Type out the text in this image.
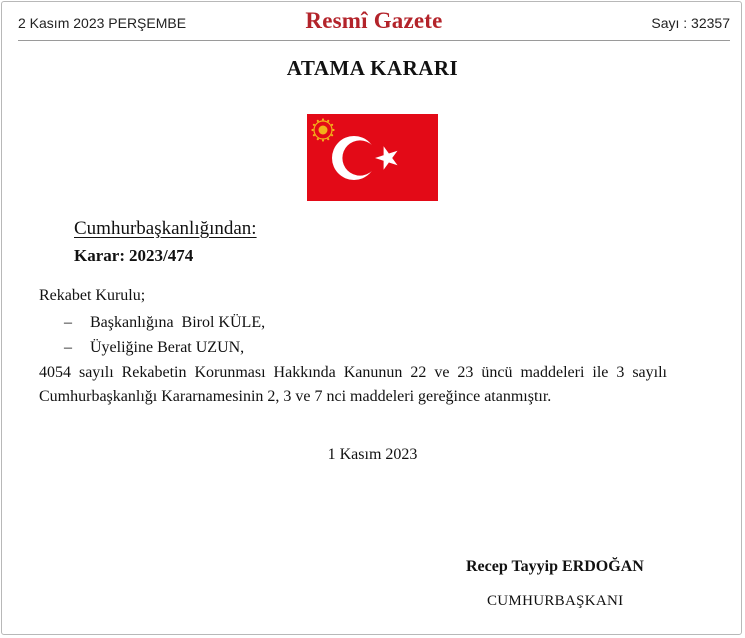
2 Kasım 2023 PERŞEMBE	Resmî Gazete	Sayı : 32357
ATAMA KARARI
Cumhurbaşkanlığından:
Karar: 2023/474
Rekabet Kurulu;
– Başkanlığına  Birol KÜLE,
– Üyeliğine Berat UZUN,
4054 sayılı Rekabetin Korunması Hakkında Kanunun 22 ve 23 üncü maddeleri ile 3 sayılı
Cumhurbaşkanlığı Kararnamesinin 2, 3 ve 7 nci maddeleri gereğince atanmıştır.
1 Kasım 2023
Recep Tayyip ERDOĞAN
CUMHURBAŞKANI
